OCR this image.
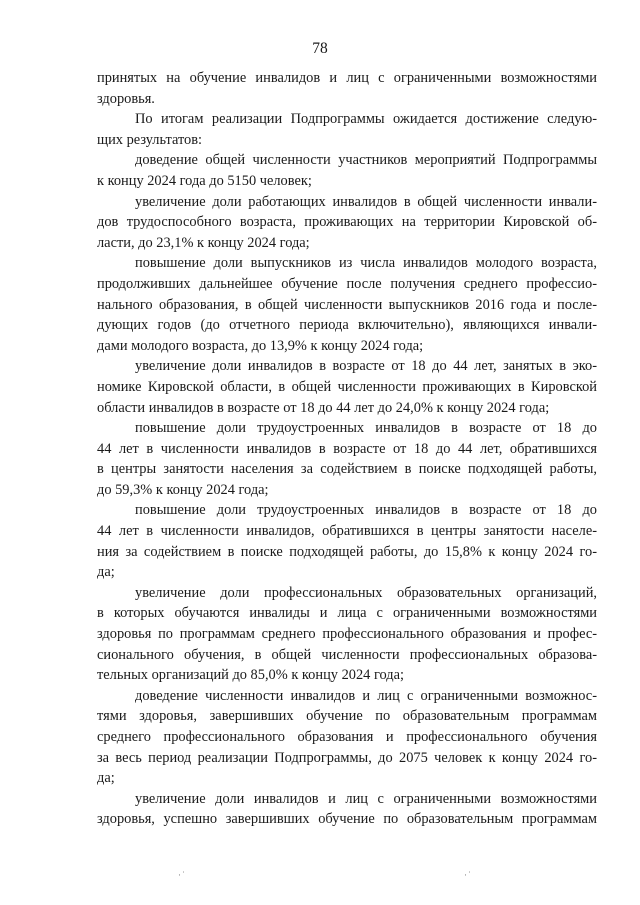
78
принятых на обучение инвалидов и лиц с ограниченными возможностями
здоровья.
По итогам реализации Подпрограммы ожидается достижение следую-
щих результатов:
доведение общей численности участников мероприятий Подпрограммы
к концу 2024 года до 5150 человек;
увеличение доли работающих инвалидов в общей численности инвали-
дов трудоспособного возраста, проживающих на территории Кировской об-
ласти, до 23,1% к концу 2024 года;
повышение доли выпускников из числа инвалидов молодого возраста,
продолживших дальнейшее обучение после получения среднего профессио-
нального образования, в общей численности выпускников 2016 года и после-
дующих годов (до отчетного периода включительно), являющихся инвали-
дами молодого возраста, до 13,9% к концу 2024 года;
увеличение доли инвалидов в возрасте от 18 до 44 лет, занятых в эко-
номике Кировской области, в общей численности проживающих в Кировской
области инвалидов в возрасте от 18 до 44 лет до 24,0% к концу 2024 года;
повышение доли трудоустроенных инвалидов в возрасте от 18 до
44 лет в численности инвалидов в возрасте от 18 до 44 лет, обратившихся
в центры занятости населения за содействием в поиске подходящей работы,
до 59,3% к концу 2024 года;
повышение доли трудоустроенных инвалидов в возрасте от 18 до
44 лет в численности инвалидов, обратившихся в центры занятости населе-
ния за содействием в поиске подходящей работы, до 15,8% к концу 2024 го-
да;
увеличение доли профессиональных образовательных организаций,
в которых обучаются инвалиды и лица с ограниченными возможностями
здоровья по программам среднего профессионального образования и профес-
сионального обучения, в общей численности профессиональных образова-
тельных организаций до 85,0% к концу 2024 года;
доведение численности инвалидов и лиц с ограниченными возможнос-
тями здоровья, завершивших обучение по образовательным программам
среднего профессионального образования и профессионального обучения
за весь период реализации Подпрограммы, до 2075 человек к концу 2024 го-
да;
увеличение доли инвалидов и лиц с ограниченными возможностями
здоровья, успешно завершивших обучение по образовательным программам
·˙	·˙
